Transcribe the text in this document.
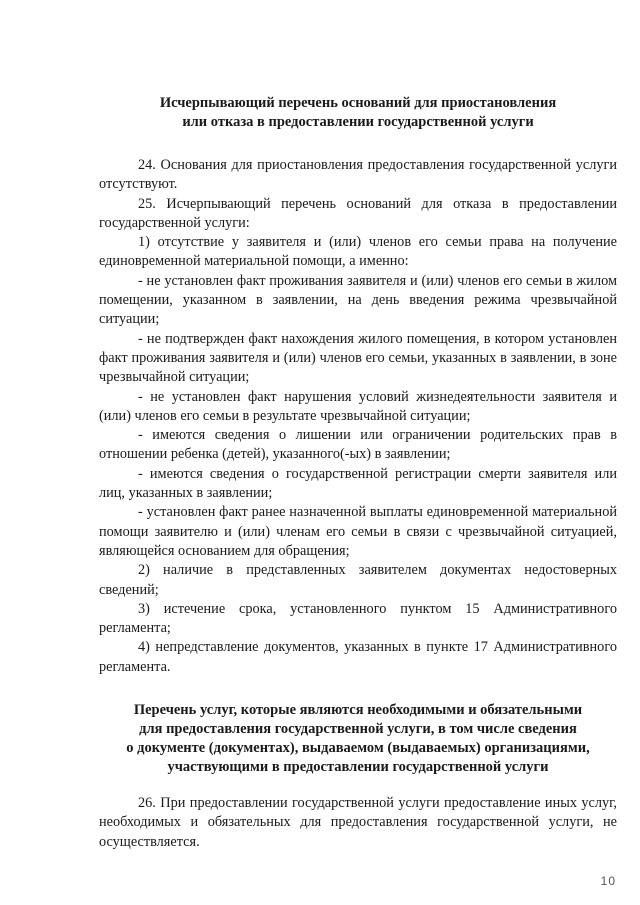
Исчерпывающий перечень оснований для приостановления
или отказа в предоставлении государственной услуги

24. Основания для приостановления предоставления государственной услуги отсутствуют.

25. Исчерпывающий перечень оснований для отказа в предоставлении государственной услуги:

1) отсутствие у заявителя и (или) членов его семьи права на получение единовременной материальной помощи, а именно:

- не установлен факт проживания заявителя и (или) членов его семьи в жилом помещении, указанном в заявлении, на день введения режима чрезвычайной ситуации;

- не подтвержден факт нахождения жилого помещения, в котором установлен факт проживания заявителя и (или) членов его семьи, указанных в заявлении, в зоне чрезвычайной ситуации;

- не установлен факт нарушения условий жизнедеятельности заявителя и (или) членов его семьи в результате чрезвычайной ситуации;

- имеются сведения о лишении или ограничении родительских прав в отношении ребенка (детей), указанного(-ых) в заявлении;

- имеются сведения о государственной регистрации смерти заявителя или лиц, указанных в заявлении;

- установлен факт ранее назначенной выплаты единовременной материальной помощи заявителю и (или) членам его семьи в связи с чрезвычайной ситуацией, являющейся основанием для обращения;

2) наличие в представленных заявителем документах недостоверных сведений;

3) истечение срока, установленного пунктом 15 Административного регламента;

4) непредставление документов, указанных в пункте 17 Административного регламента.

Перечень услуг, которые являются необходимыми и обязательными
для предоставления государственной услуги, в том числе сведения
о документе (документах), выдаваемом (выдаваемых) организациями,
участвующими в предоставлении государственной услуги

26. При предоставлении государственной услуги предоставление иных услуг, необходимых и обязательных для предоставления государственной услуги, не осуществляется.

10
